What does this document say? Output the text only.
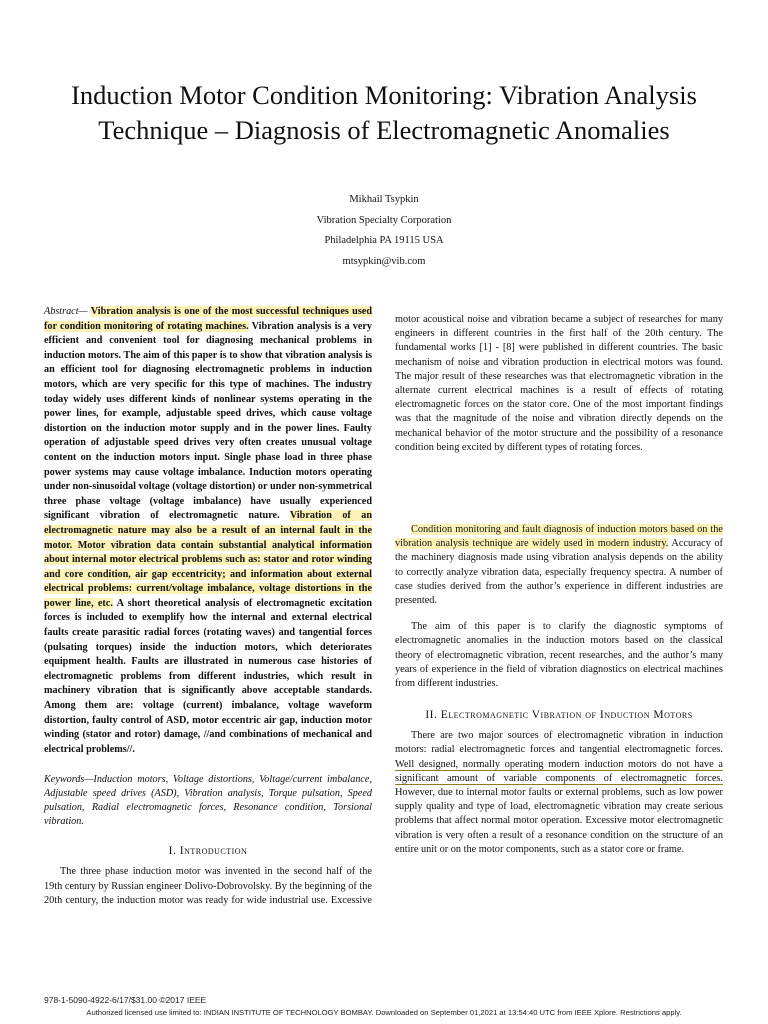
Induction Motor Condition Monitoring: Vibration Analysis Technique – Diagnosis of Electromagnetic Anomalies
Mikhail Tsypkin
Vibration Specialty Corporation
Philadelphia PA 19115 USA
mtsypkin@vib.com
Abstract— Vibration analysis is one of the most successful techniques used for condition monitoring of rotating machines. Vibration analysis is a very efficient and convenient tool for diagnosing mechanical problems in induction motors. The aim of this paper is to show that vibration analysis is an efficient tool for diagnosing electromagnetic problems in induction motors, which are very specific for this type of machines. The industry today widely uses different kinds of nonlinear systems operating in the power lines, for example, adjustable speed drives, which cause voltage distortion on the induction motor supply and in the power lines. Faulty operation of adjustable speed drives very often creates unusual voltage content on the induction motors input. Single phase load in three phase power systems may cause voltage imbalance. Induction motors operating under non-sinusoidal voltage (voltage distortion) or under non-symmetrical three phase voltage (voltage imbalance) have usually experienced significant vibration of electromagnetic nature. Vibration of an electromagnetic nature may also be a result of an internal fault in the motor. Motor vibration data contain substantial analytical information about internal motor electrical problems such as: stator and rotor winding and core condition, air gap eccentricity; and information about external electrical problems: current/voltage imbalance, voltage distortions in the power line, etc. A short theoretical analysis of electromagnetic excitation forces is included to exemplify how the internal and external electrical faults create parasitic radial forces (rotating waves) and tangential forces (pulsating torques) inside the induction motors, which deteriorates equipment health. Faults are illustrated in numerous case histories of electromagnetic problems from different industries, which result in machinery vibration that is significantly above acceptable standards. Among them are: voltage (current) imbalance, voltage waveform distortion, faulty control of ASD, motor eccentric air gap, induction motor winding (stator and rotor) damage, //and combinations of mechanical and electrical problems//.
Keywords—Induction motors, Voltage distortions, Voltage/current imbalance, Adjustable speed drives (ASD), Vibration analysis, Torque pulsation, Speed pulsation, Radial electromagnetic forces, Resonance condition, Torsional vibration.
I. Introduction

The three phase induction motor was invented in the second half of the 19th century by Russian engineer Dolivo-Dobrovolsky. By the beginning of the 20th century, the induction motor was ready for wide industrial use. Excessive

motor acoustical noise and vibration became a subject of researches for many engineers in different countries in the first half of the 20th century. The fundamental works [1] - [8] were published in different countries. The basic mechanism of noise and vibration production in electrical motors was found. The major result of these researches was that electromagnetic vibration in the alternate current electrical machines is a result of effects of rotating electromagnetic forces on the stator core. One of the most important findings was that the magnitude of the noise and vibration directly depends on the mechanical behavior of the motor structure and the possibility of a resonance condition being excited by different types of rotating forces.

Condition monitoring and fault diagnosis of induction motors based on the vibration analysis technique are widely used in modern industry. Accuracy of the machinery diagnosis made using vibration analysis depends on the ability to correctly analyze vibration data, especially frequency spectra. A number of case studies derived from the author’s experience in different industries are presented.

The aim of this paper is to clarify the diagnostic symptoms of electromagnetic anomalies in the induction motors based on the classical theory of electromagnetic vibration, recent researches, and the author’s many years of experience in the field of vibration diagnostics on electrical machines from different industries.

II. Electromagnetic Vibration of Induction Motors

There are two major sources of electromagnetic vibration in induction motors: radial electromagnetic forces and tangential electromagnetic forces. Well designed, normally operating modern induction motors do not have a significant amount of variable components of electromagnetic forces. However, due to internal motor faults or external problems, such as low power supply quality and type of load, electromagnetic vibration may create serious problems that affect normal motor operation. Excessive motor electromagnetic vibration is very often a result of a resonance condition on the structure of an entire unit or on the motor components, such as a stator core or frame.

978-1-5090-4922-6/17/$31.00 ©2017 IEEE
Authorized licensed use limited to: INDIAN INSTITUTE OF TECHNOLOGY BOMBAY. Downloaded on September 01,2021 at 13:54:40 UTC from IEEE Xplore. Restrictions apply.
